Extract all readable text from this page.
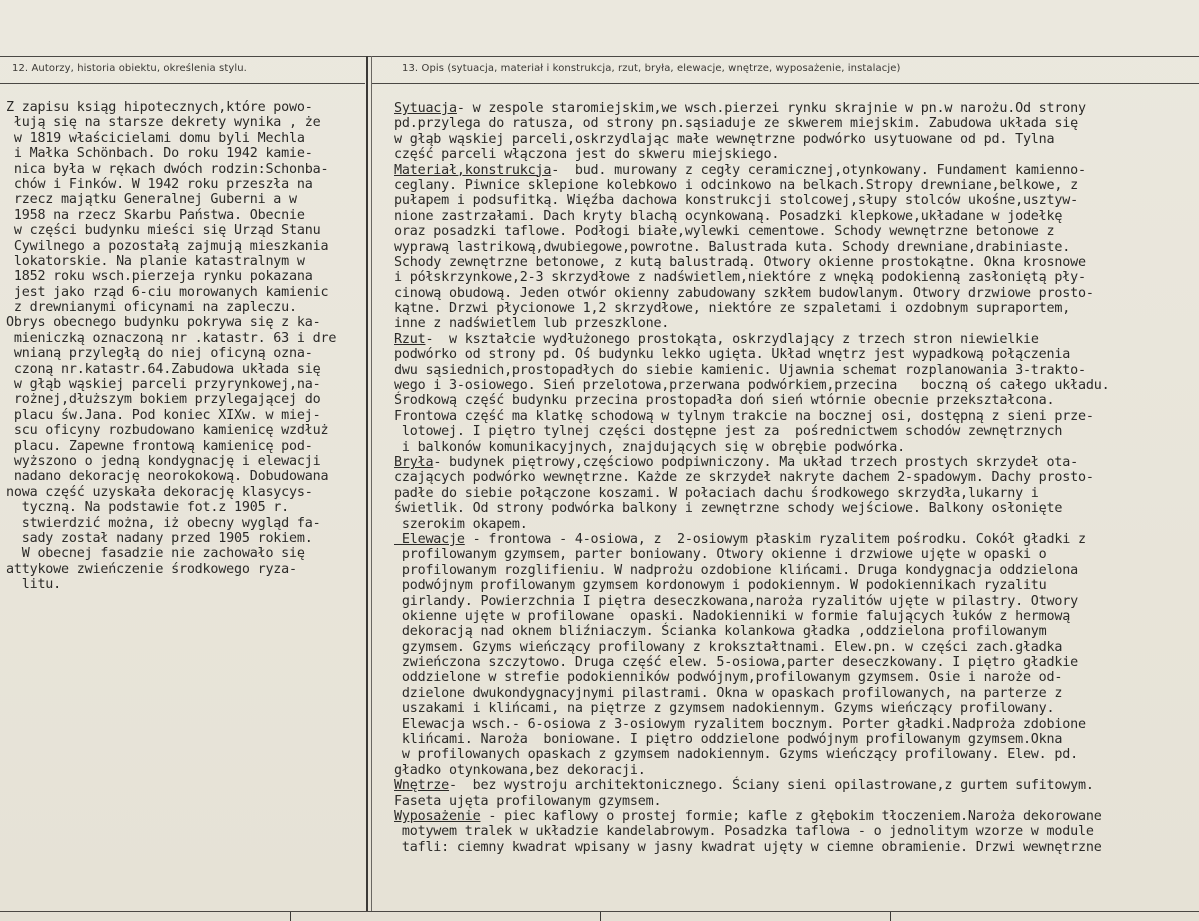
12. Autorzy, historia obiektu, określenia stylu.	13. Opis (sytuacja, materiał i konstrukcja, rzut, bryła, elewacje, wnętrze, wyposażenie, instalacje)
Z zapisu ksiąg hipotecznych,które powo-
łują się na starsze dekrety wynika , że
w 1819 właścicielami domu byli Mechla
i Małka Schönbach. Do roku 1942 kamie-
nica była w rękach dwóch rodzin:Schonba-
chów i Finków. W 1942 roku przeszła na
rzecz majątku Generalnej Guberni a w
1958 na rzecz Skarbu Państwa. Obecnie
w części budynku mieści się Urząd Stanu
Cywilnego a pozostałą zajmują mieszkania
lokatorskie. Na planie katastralnym w
1852 roku wsch.pierzeja rynku pokazana
jest jako rząd 6-ciu morowanych kamienic
z drewnianymi oficynami na zapleczu.
Obrys obecnego budynku pokrywa się z ka-
mieniczką oznaczoną nr .katastr. 63 i dre
wnianą przyległą do niej oficyną ozna-
czoną nr.katastr.64.Zabudowa układa się
w głąb wąskiej parceli przyrynkowej,na-
rożnej,dłuższym bokiem przylegającej do
placu św.Jana. Pod koniec XIXw. w miej-
scu oficyny rozbudowano kamienicę wzdłuż
placu. Zapewne frontową kamienicę pod-
wyższono o jedną kondygnację i elewacji
nadano dekorację neorokokową. Dobudowana
nowa część uzyskała dekorację klasycys-
tyczną. Na podstawie fot.z 1905 r.
stwierdzić można, iż obecny wygląd fa-
sady został nadany przed 1905 rokiem.
W obecnej fasadzie nie zachowało się
attykowe zwieńczenie środkowego ryza-
litu.
Sytuacja- w zespole staromiejskim,we wsch.pierzei rynku skrajnie w pn.w narożu.Od strony
pd.przylega do ratusza, od strony pn.sąsiaduje ze skwerem miejskim. Zabudowa układa się
w głąb wąskiej parceli,oskrzydlając małe wewnętrzne podwórko usytuowane od pd. Tylna
część parceli włączona jest do skweru miejskiego.
Materiał,konstrukcja-  bud. murowany z cegły ceramicznej,otynkowany. Fundament kamienno-
ceglany. Piwnice sklepione kolebkowo i odcinkowo na belkach.Stropy drewniane,belkowe, z
pułapem i podsufitką. Więźba dachowa konstrukcji stolcowej,słupy stolców ukośne,usztyw-
nione zastrzałami. Dach kryty blachą ocynkowaną. Posadzki klepkowe,układane w jodełkę
oraz posadzki taflowe. Podłogi białe,wylewki cementowe. Schody wewnętrzne betonowe z
wyprawą lastrikową,dwubiegowe,powrotne. Balustrada kuta. Schody drewniane,drabiniaste.
Schody zewnętrzne betonowe, z kutą balustradą. Otwory okienne prostokątne. Okna krosnowe
i półskrzynkowe,2-3 skrzydłowe z nadświetlem,niektóre z wnęką podokienną zasłoniętą pły-
cinową obudową. Jeden otwór okienny zabudowany szkłem budowlanym. Otwory drzwiowe prosto-
kątne. Drzwi płycionowe 1,2 skrzydłowe, niektóre ze szpaletami i ozdobnym supraportem,
inne z nadświetlem lub przeszklone.
Rzut-  w kształcie wydłużonego prostokąta, oskrzydlający z trzech stron niewielkie
podwórko od strony pd. Oś budynku lekko ugięta. Układ wnętrz jest wypadkową połączenia
dwu sąsiednich,prostopadłych do siebie kamienic. Ujawnia schemat rozplanowania 3-trakto-
wego i 3-osiowego. Sień przelotowa,przerwana podwórkiem,przecina   boczną oś całego układu.
Środkową część budynku przecina prostopadła doń sień wtórnie obecnie przekształcona.
Frontowa część ma klatkę schodową w tylnym trakcie na bocznej osi, dostępną z sieni prze-
lotowej. I piętro tylnej części dostępne jest za  pośrednictwem schodów zewnętrznych
i balkonów komunikacyjnych, znajdujących się w obrębie podwórka.
Bryła- budynek piętrowy,częściowo podpiwniczony. Ma układ trzech prostych skrzydeł ota-
czających podwórko wewnętrzne. Każde ze skrzydeł nakryte dachem 2-spadowym. Dachy prosto-
padłe do siebie połączone koszami. W połaciach dachu środkowego skrzydła,lukarny i
świetlik. Od strony podwórka balkony i zewnętrzne schody wejściowe. Balkony osłonięte
szerokim okapem.
Elewacje - frontowa - 4-osiowa, z  2-osiowym płaskim ryzalitem pośrodku. Cokół gładki z
profilowanym gzymsem, parter boniowany. Otwory okienne i drzwiowe ujęte w opaski o
profilowanym rozglifieniu. W nadprożu ozdobione klińcami. Druga kondygnacja oddzielona
podwójnym profilowanym gzymsem kordonowym i podokiennym. W podokiennikach ryzalitu
girlandy. Powierzchnia I piętra deseczkowana,naroża ryzalitów ujęte w pilastry. Otwory
okienne ujęte w profilowane  opaski. Nadokienniki w formie falujących łuków z hermową
dekoracją nad oknem bliźniaczym. Ścianka kolankowa gładka ,oddzielona profilowanym
gzymsem. Gzyms wieńczący profilowany z krokształtnami. Elew.pn. w części zach.gładka
zwieńczona szczytowo. Druga część elew. 5-osiowa,parter deseczkowany. I piętro gładkie
oddzielone w strefie podokienników podwójnym,profilowanym gzymsem. Osie i naroże od-
dzielone dwukondygnacyjnymi pilastrami. Okna w opaskach profilowanych, na parterze z
uszakami i klińcami, na piętrze z gzymsem nadokiennym. Gzyms wieńczący profilowany.
Elewacja wsch.- 6-osiowa z 3-osiowym ryzalitem bocznym. Porter gładki.Nadproża zdobione
klińcami. Naroża  boniowane. I piętro oddzielone podwójnym profilowanym gzymsem.Okna
w profilowanych opaskach z gzymsem nadokiennym. Gzyms wieńczący profilowany. Elew. pd.
gładko otynkowana,bez dekoracji.
Wnętrze-  bez wystroju architektonicznego. Ściany sieni opilastrowane,z gurtem sufitowym.
Faseta ujęta profilowanym gzymsem.
Wyposażenie - piec kaflowy o prostej formie; kafle z głębokim tłoczeniem.Naroża dekorowane
motywem tralek w układzie kandelabrowym. Posadzka taflowa - o jednolitym wzorze w module
tafli: ciemny kwadrat wpisany w jasny kwadrat ujęty w ciemne obramienie. Drzwi wewnętrzne
